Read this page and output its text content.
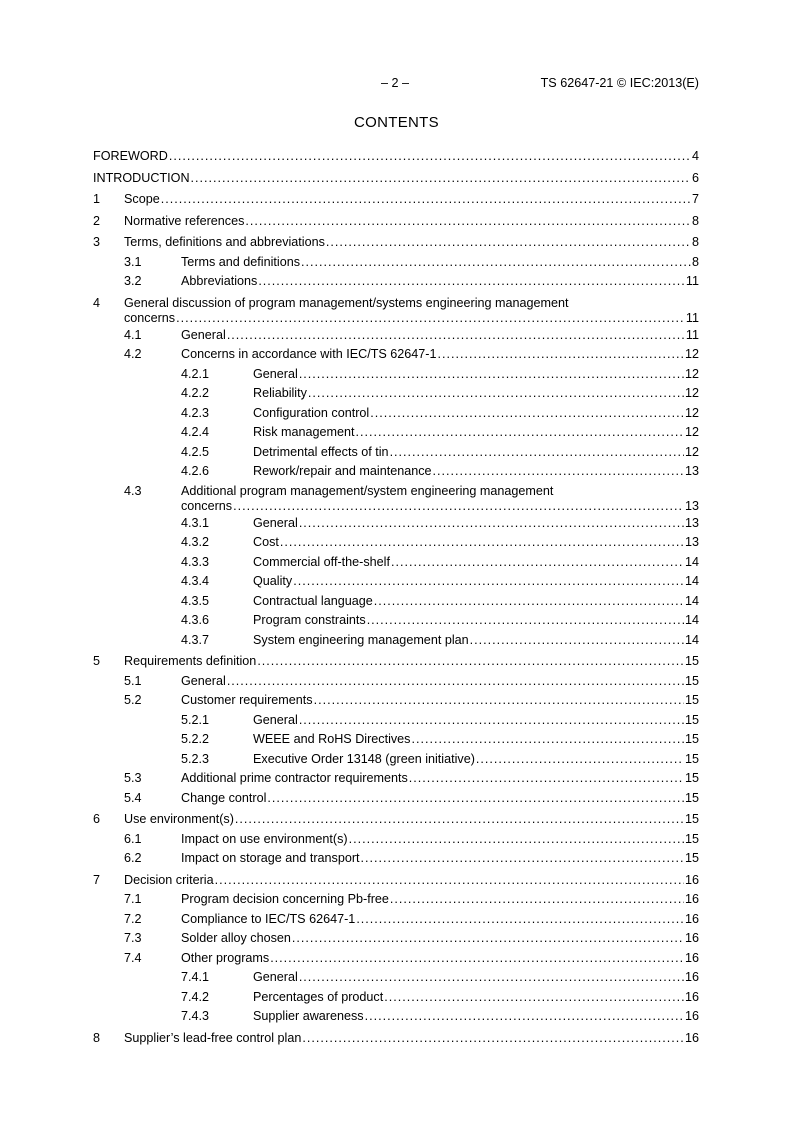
– 2 –	TS 62647-21 © IEC:2013(E)
CONTENTS
FOREWORD .....	4
INTRODUCTION .....	6
1 Scope .....	7
2 Normative references .....	8
3 Terms, definitions and abbreviations .....	8
3.1	Terms and definitions .....	8
3.2	Abbreviations .....	11
4 General discussion of program management/systems engineering management
concerns .....	11
4.1	General .....	11
4.2	Concerns in accordance with IEC/TS 62647-1 .....	12
4.2.1	General .....	12
4.2.2	Reliability .....	12
4.2.3	Configuration control .....	12
4.2.4	Risk management .....	12
4.2.5	Detrimental effects of tin .....	12
4.2.6	Rework/repair and maintenance .....	13
4.3	Additional program management/system engineering management
concerns .....	13
4.3.1	General .....	13
4.3.2	Cost .....	13
4.3.3	Commercial off-the-shelf .....	14
4.3.4	Quality .....	14
4.3.5	Contractual language .....	14
4.3.6	Program constraints .....	14
4.3.7	System engineering management plan .....	14
5 Requirements definition .....	15
5.1	General .....	15
5.2	Customer requirements .....	15
5.2.1	General .....	15
5.2.2	WEEE and RoHS Directives .....	15
5.2.3	Executive Order 13148 (green initiative) .....	15
5.3	Additional prime contractor requirements .....	15
5.4	Change control .....	15
6 Use environment(s) .....	15
6.1	Impact on use environment(s) .....	15
6.2	Impact on storage and transport .....	15
7 Decision criteria .....	16
7.1	Program decision concerning Pb-free .....	16
7.2	Compliance to IEC/TS 62647-1 .....	16
7.3	Solder alloy chosen .....	16
7.4	Other programs .....	16
7.4.1	General .....	16
7.4.2	Percentages of product .....	16
7.4.3	Supplier awareness .....	16
8 Supplier’s lead-free control plan .....	16
